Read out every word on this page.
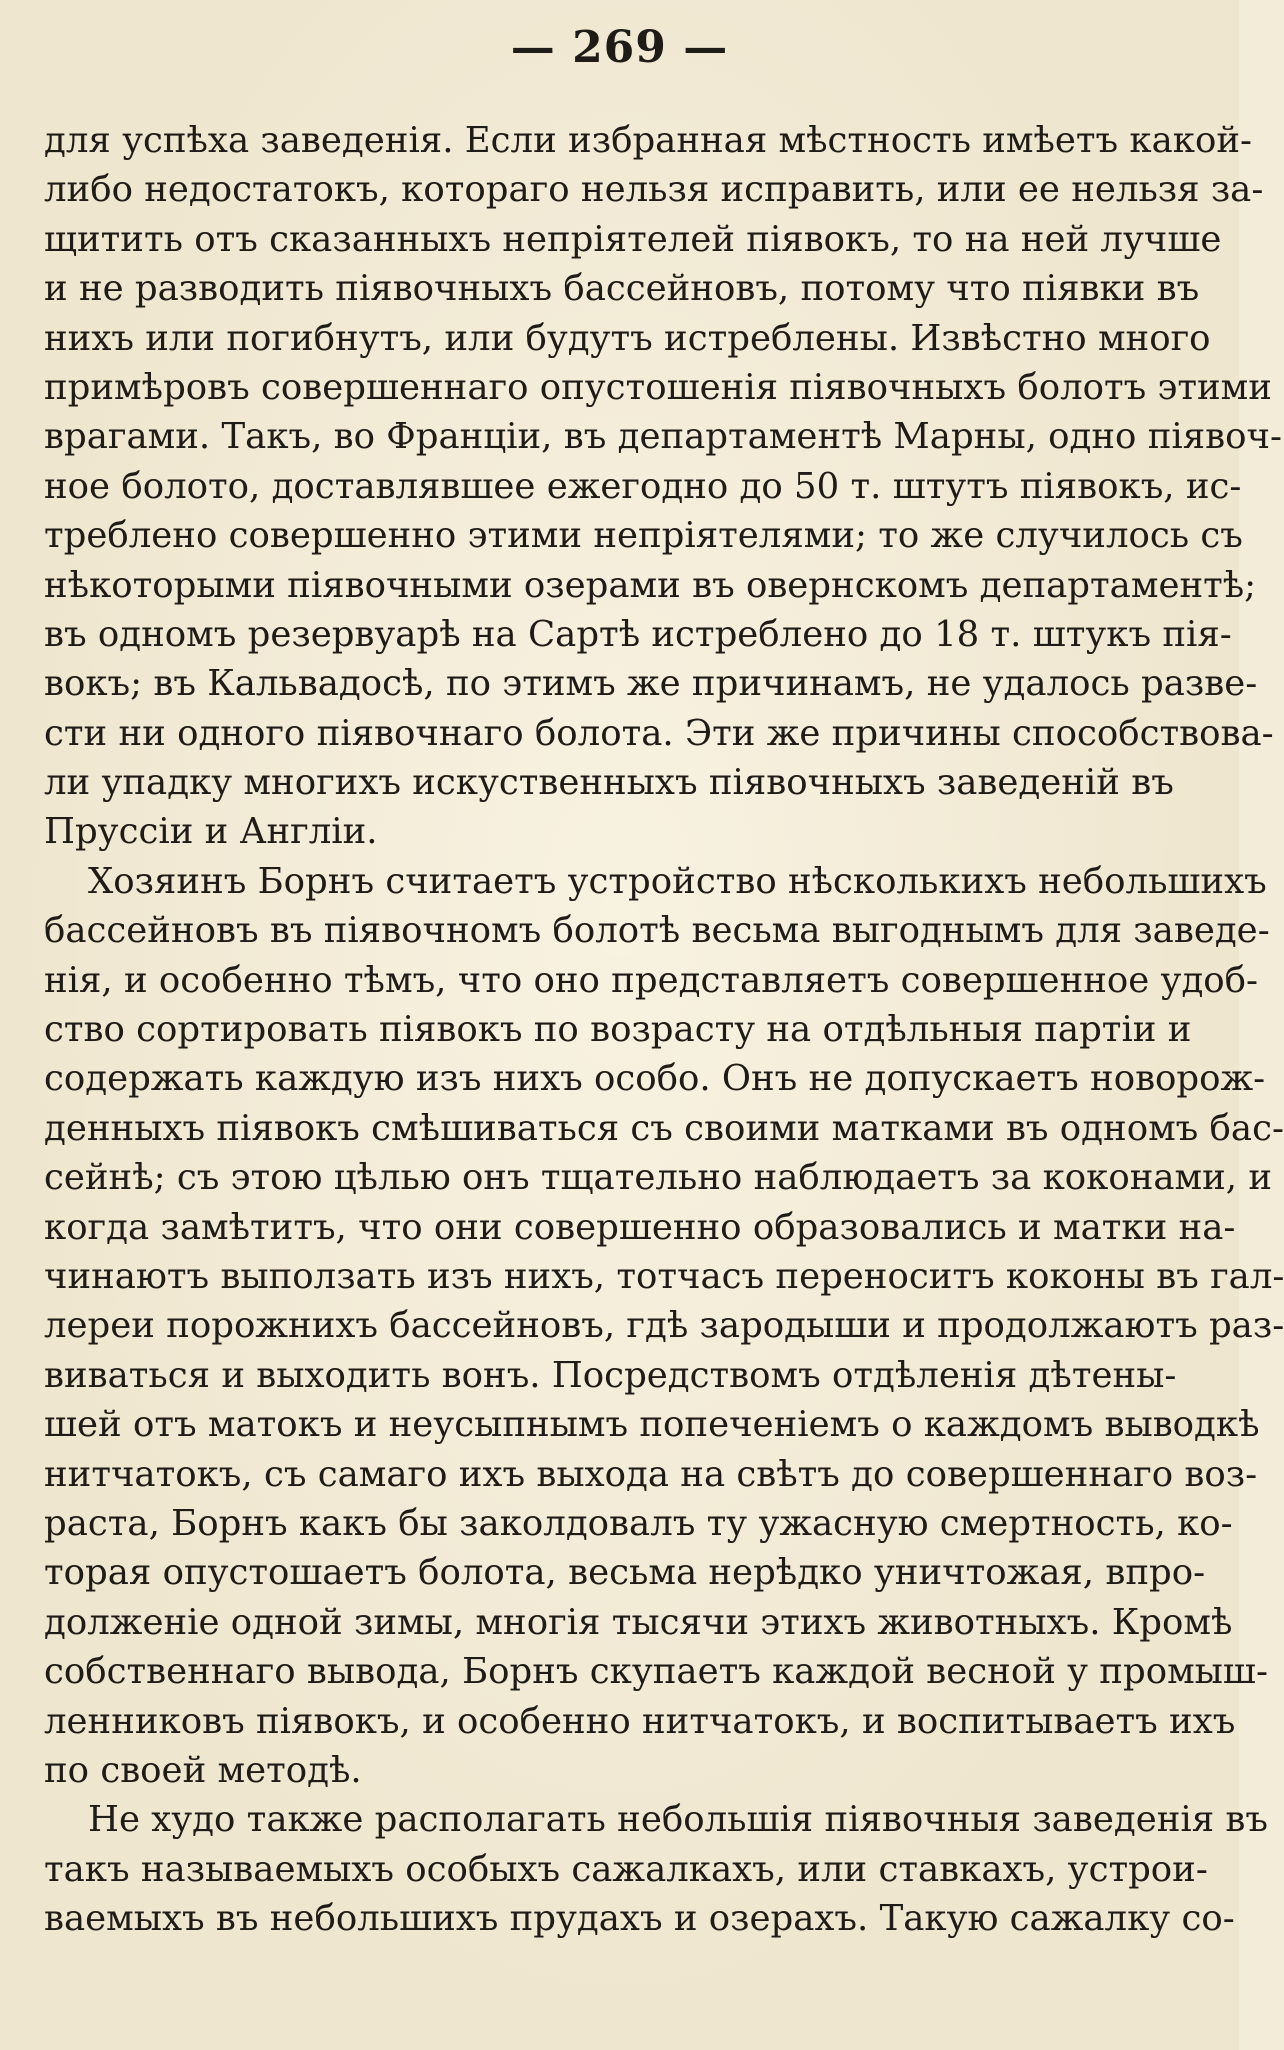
— 269 —
для успѣха заведенія. Если избранная мѣстность имѣетъ какой-
либо недостатокъ, котораго нельзя исправить, или ее нельзя за-
щитить отъ сказанныхъ непріятелей піявокъ, то на ней лучше
и не разводить піявочныхъ бассейновъ, потому что піявки въ
нихъ или погибнутъ, или будутъ истреблены. Извѣстно много
примѣровъ совершеннаго опустошенія піявочныхъ болотъ этими
врагами. Такъ, во Франціи, въ департаментѣ Марны, одно піявоч-
ное болото, доставлявшее ежегодно до 50 т. штутъ піявокъ, ис-
треблено совершенно этими непріятелями; то же случилось съ
нѣкоторыми піявочными озерами въ овернскомъ департаментѣ;
въ одномъ резервуарѣ на Сартѣ истреблено до 18 т. штукъ пія-
вокъ; въ Кальвадосѣ, по этимъ же причинамъ, не удалось разве-
сти ни одного піявочнаго болота. Эти же причины способствова-
ли упадку многихъ искуственныхъ піявочныхъ заведеній въ
Пруссіи и Англіи.
Хозяинъ Борнъ считаетъ устройство нѣсколькихъ небольшихъ
бассейновъ въ піявочномъ болотѣ весьма выгоднымъ для заведе-
нія, и особенно тѣмъ, что оно представляетъ совершенное удоб-
ство сортировать піявокъ по возрасту на отдѣльныя партіи и
содержать каждую изъ нихъ особо. Онъ не допускаетъ новорож-
денныхъ піявокъ смѣшиваться съ своими матками въ одномъ бас-
сейнѣ; съ этою цѣлью онъ тщательно наблюдаетъ за коконами, и
когда замѣтитъ, что они совершенно образовались и матки на-
чинаютъ выползать изъ нихъ, тотчасъ переноситъ коконы въ гал-
лереи порожнихъ бассейновъ, гдѣ зародыши и продолжаютъ раз-
виваться и выходить вонъ. Посредствомъ отдѣленія дѣтены-
шей отъ матокъ и неусыпнымъ попеченіемъ о каждомъ выводкѣ
нитчатокъ, съ самаго ихъ выхода на свѣтъ до совершеннаго воз-
раста, Борнъ какъ бы заколдовалъ ту ужасную смертность, ко-
торая опустошаетъ болота, весьма нерѣдко уничтожая, впро-
долженіе одной зимы, многія тысячи этихъ животныхъ. Кромѣ
собственнаго вывода, Борнъ скупаетъ каждой весной у промыш-
ленниковъ піявокъ, и особенно нитчатокъ, и воспитываетъ ихъ
по своей методѣ.
Не худо также располагать небольшія піявочныя заведенія въ
такъ называемыхъ особыхъ сажалкахъ, или ставкахъ, устрои-
ваемыхъ въ небольшихъ прудахъ и озерахъ. Такую сажалку со-
